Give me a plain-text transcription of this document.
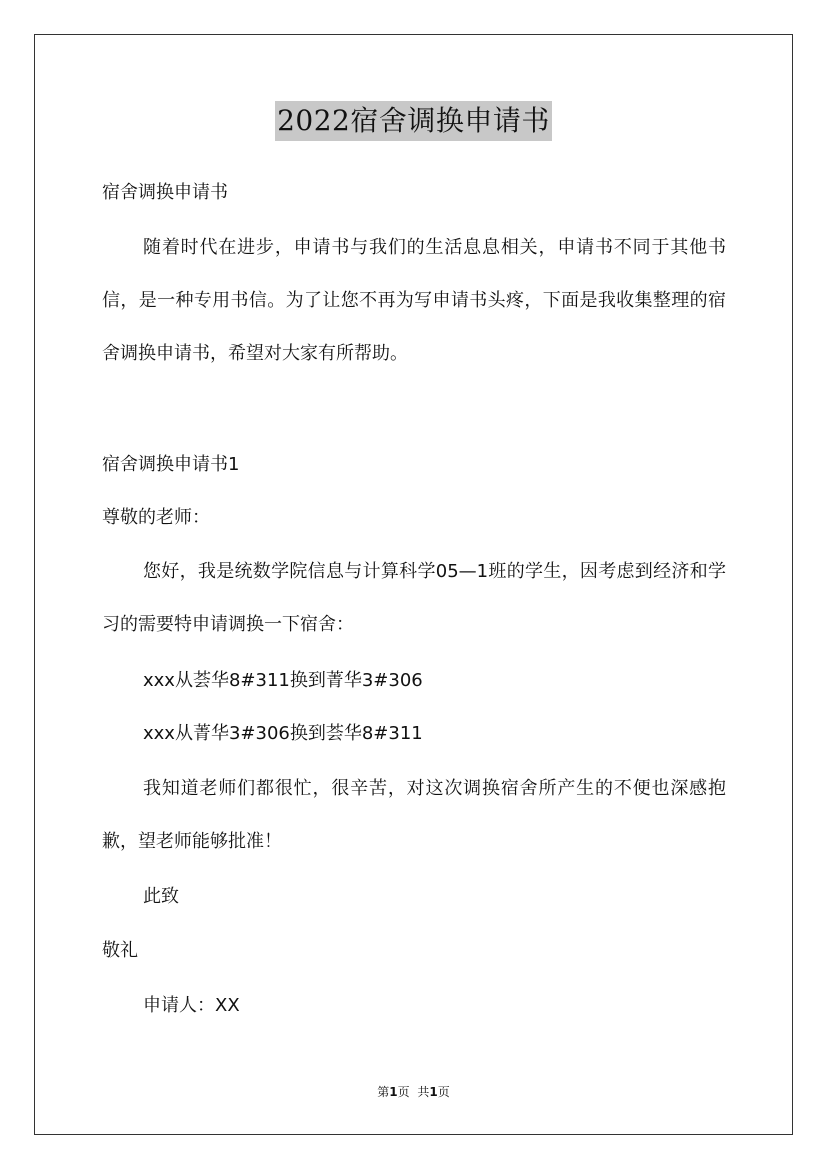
2022宿舍调换申请书
宿舍调换申请书
随着时代在进步，申请书与我们的生活息息相关，申请书不同于其他书信，是一种专用书信。为了让您不再为写申请书头疼，下面是我收集整理的宿舍调换申请书，希望对大家有所帮助。
宿舍调换申请书1
尊敬的老师：
您好，我是统数学院信息与计算科学05—1班的学生，因考虑到经济和学习的需要特申请调换一下宿舍：
xxx从荟华8#311换到菁华3#306
xxx从菁华3#306换到荟华8#311
我知道老师们都很忙，很辛苦，对这次调换宿舍所产生的不便也深感抱歉，望老师能够批准！
此致
敬礼
申请人：XX
第1页 共1页
